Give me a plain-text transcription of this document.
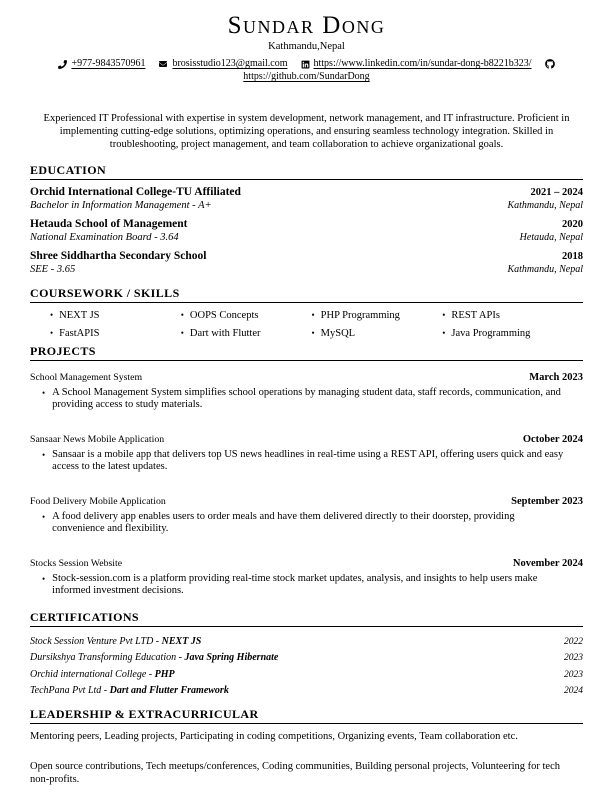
Sundar Dong
Kathmandu,Nepal
+977-9843570961	brosisstudio123@gmail.com	https://www.linkedin.com/in/sundar-dong-b8221b323/
https://github.com/SundarDong
Experienced IT Professional with expertise in system development, network management, and IT infrastructure. Proficient in implementing cutting-edge solutions, optimizing operations, and ensuring seamless technology integration. Skilled in troubleshooting, project management, and team collaboration to achieve organizational goals.
EDUCATION
Orchid International College-TU Affiliated	2021 – 2024
Bachelor in Information Management - A+	Kathmandu, Nepal
Hetauda School of Management	2020
National Examination Board - 3.64	Hetauda, Nepal
Shree Siddhartha Secondary School	2018
SEE - 3.65	Kathmandu, Nepal
COURSEWORK / SKILLS
• NEXT JS	• OOPS Concepts	• PHP Programming	• REST APIs
• FastAPIS	• Dart with Flutter	• MySQL	• Java Programming
PROJECTS
School Management System	March 2023
• A School Management System simplifies school operations by managing student data, staff records, communication, and providing access to study materials.
Sansaar News Mobile Application	October 2024
• Sansaar is a mobile app that delivers top US news headlines in real-time using a REST API, offering users quick and easy access to the latest updates.
Food Delivery Mobile Application	September 2023
• A food delivery app enables users to order meals and have them delivered directly to their doorstep, providing convenience and flexibility.
Stocks Session Website	November 2024
• Stock-session.com is a platform providing real-time stock market updates, analysis, and insights to help users make informed investment decisions.
CERTIFICATIONS
Stock Session Venture Pvt LTD - NEXT JS	2022
Dursikshya Transforming Education - Java Spring Hibernate	2023
Orchid international College - PHP	2023
TechPana Pvt Ltd - Dart and Flutter Framework	2024
LEADERSHIP & EXTRACURRICULAR
Mentoring peers, Leading projects, Participating in coding competitions, Organizing events, Team collaboration etc.
Open source contributions, Tech meetups/conferences, Coding communities, Building personal projects, Volunteering for tech non-profits.
